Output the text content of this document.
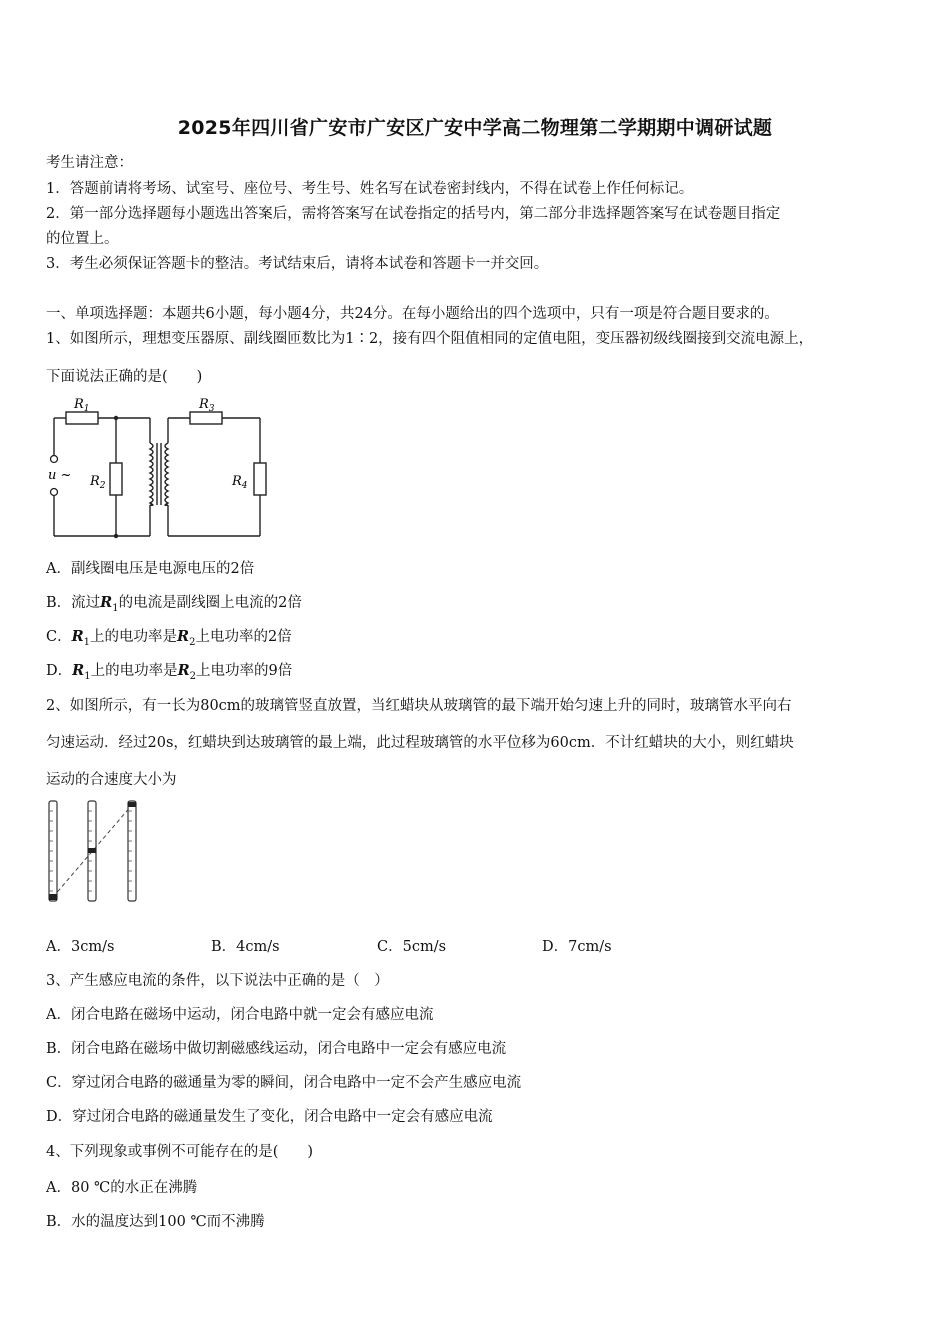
2025年四川省广安市广安区广安中学高二物理第二学期期中调研试题
考生请注意：
1．答题前请将考场、试室号、座位号、考生号、姓名写在试卷密封线内，不得在试卷上作任何标记。
2．第一部分选择题每小题选出答案后，需将答案写在试卷指定的括号内，第二部分非选择题答案写在试卷题目指定
的位置上。
3．考生必须保证答题卡的整洁。考试结束后，请将本试卷和答题卡一并交回。
一、单项选择题：本题共6小题，每小题4分，共24分。在每小题给出的四个选项中，只有一项是符合题目要求的。
1、如图所示，理想变压器原、副线圈匝数比为1∶2，接有四个阻值相同的定值电阻，变压器初级线圈接到交流电源上，
下面说法正确的是(　　)
$R_1$
$R_2$
$R_3$
$R_4$
u ~
A．副线圈电压是电源电压的2倍
B．流过$R_1$的电流是副线圈上电流的2倍
C．$R_1$上的电功率是$R_2$上电功率的2倍
D．$R_1$上的电功率是$R_2$上电功率的9倍
2、如图所示，有一长为80cm的玻璃管竖直放置，当红蜡块从玻璃管的最下端开始匀速上升的同时，玻璃管水平向右
匀速运动．经过20s，红蜡块到达玻璃管的最上端，此过程玻璃管的水平位移为60cm．不计红蜡块的大小，则红蜡块
运动的合速度大小为
A．3cm/s	B．4cm/s	C．5cm/s	D．7cm/s
3、产生感应电流的条件，以下说法中正确的是（　）
A．闭合电路在磁场中运动，闭合电路中就一定会有感应电流
B．闭合电路在磁场中做切割磁感线运动，闭合电路中一定会有感应电流
C．穿过闭合电路的磁通量为零的瞬间，闭合电路中一定不会产生感应电流
D．穿过闭合电路的磁通量发生了变化，闭合电路中一定会有感应电流
4、下列现象或事例不可能存在的是(　　)
A．80 ℃的水正在沸腾
B．水的温度达到100 ℃而不沸腾
